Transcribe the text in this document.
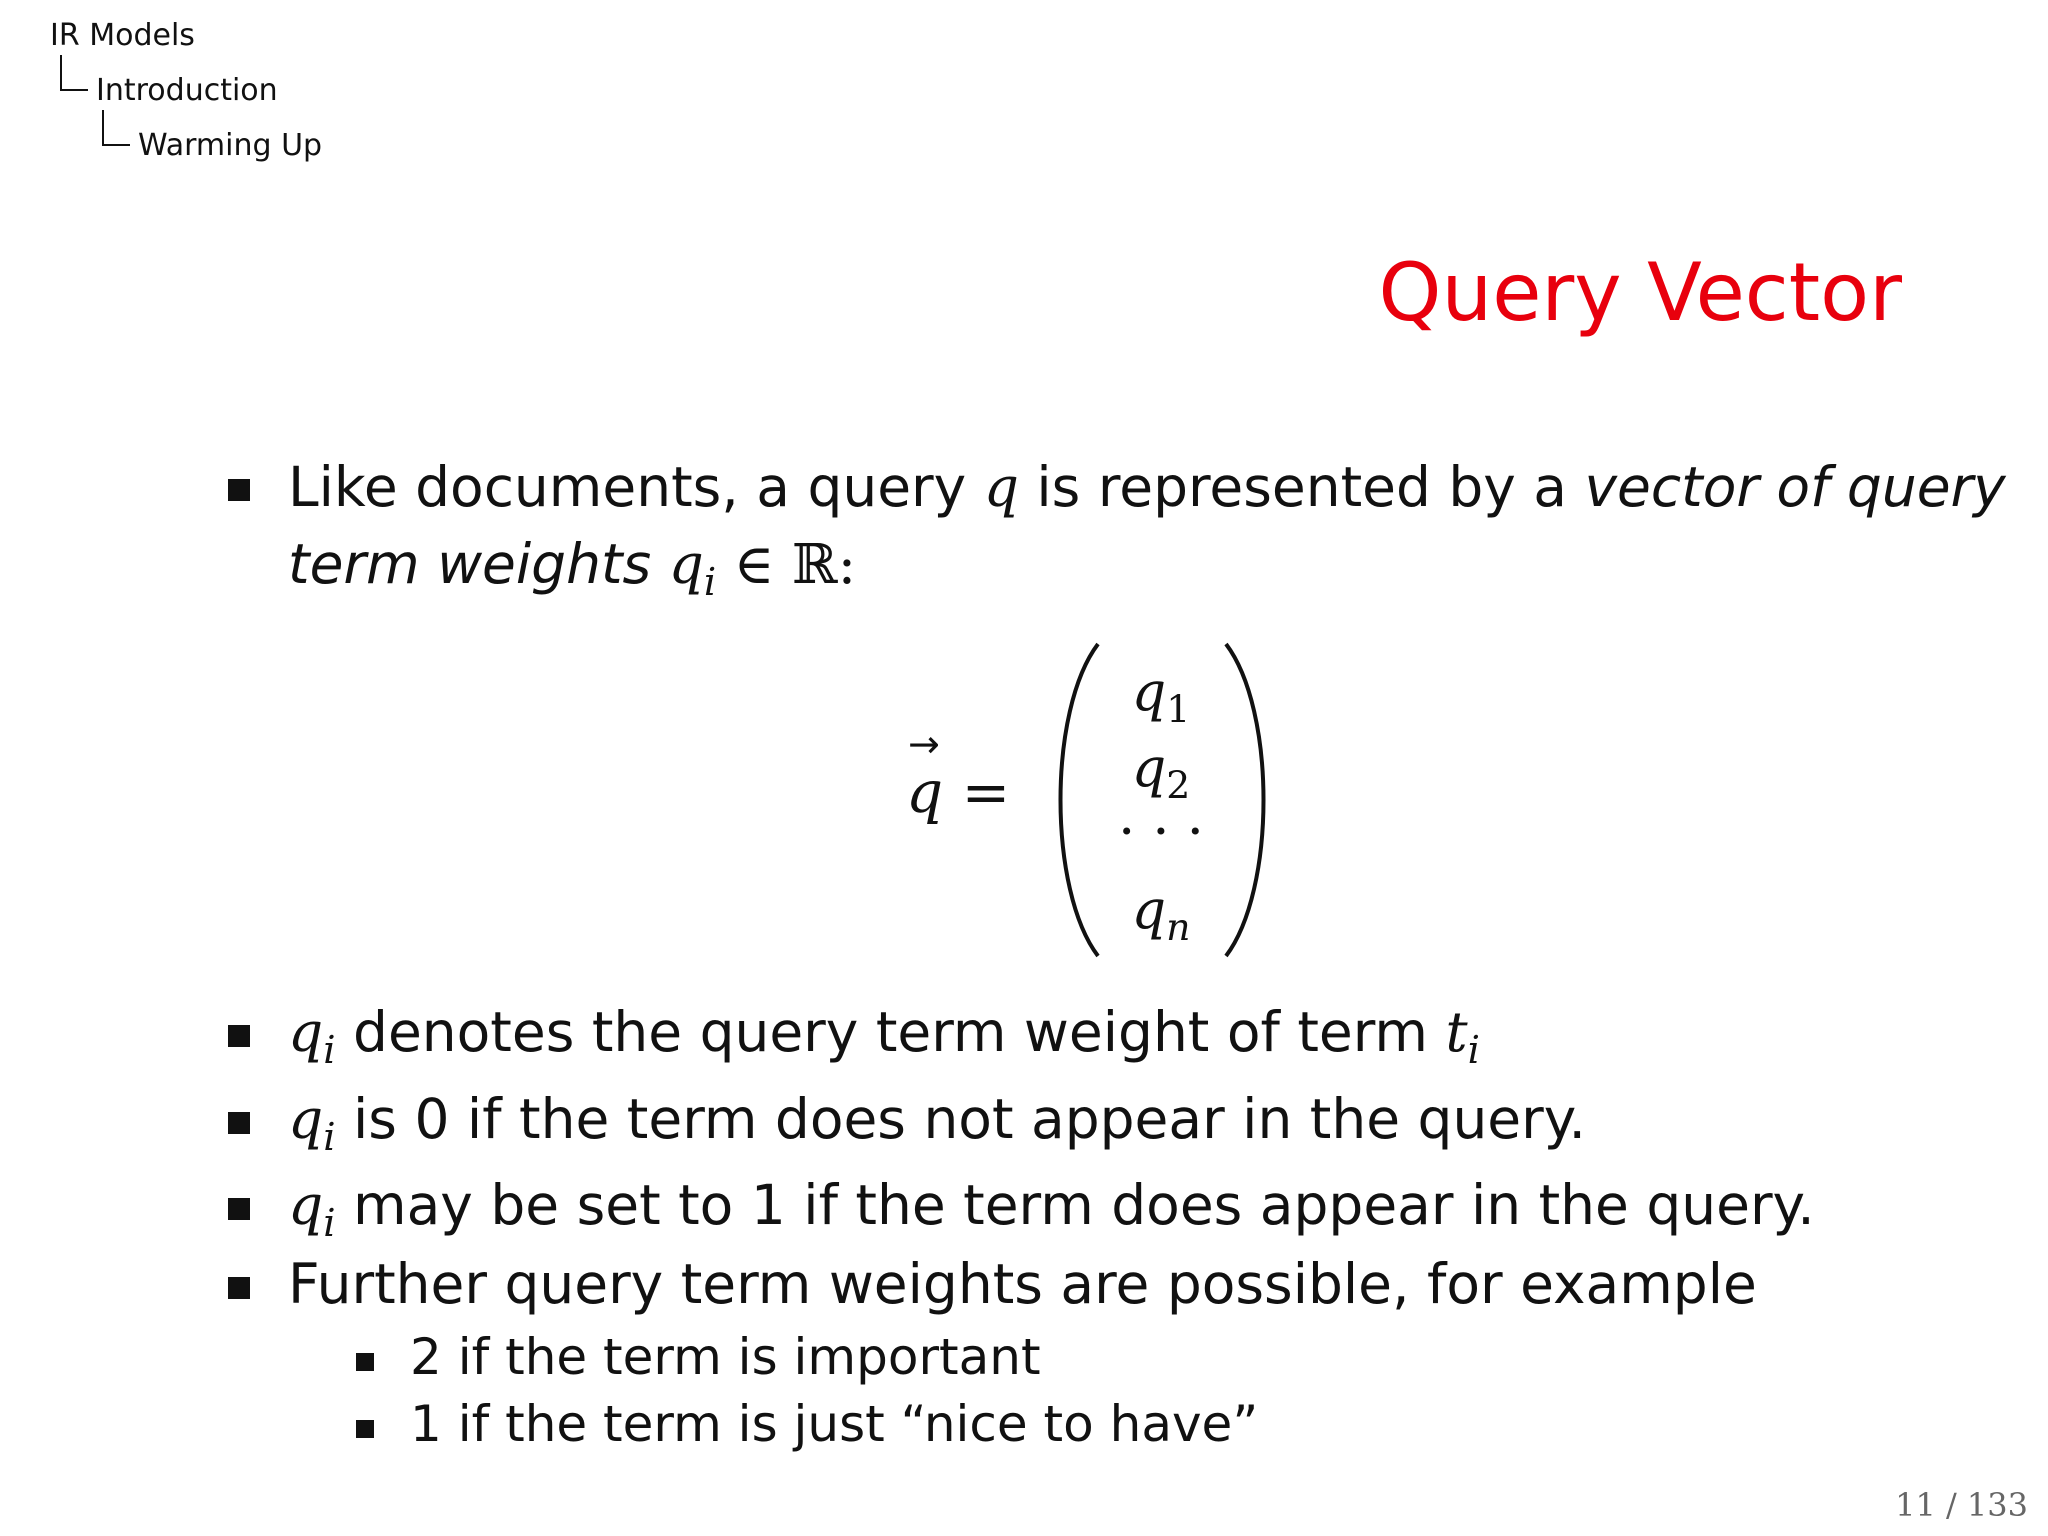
IR Models
Introduction
Warming Up
Query Vector
Like documents, a query q is represented by a vector of query
term weights $q_i$ ∈ ℝ:
→ q =
$q_1$
$q_2$
· · ·
$q_n$
$q_i$ denotes the query term weight of term $t_i$
$q_i$ is 0 if the term does not appear in the query.
$q_i$ may be set to 1 if the term does appear in the query.
Further query term weights are possible, for example
2 if the term is important
1 if the term is just “nice to have”
11 / 133
